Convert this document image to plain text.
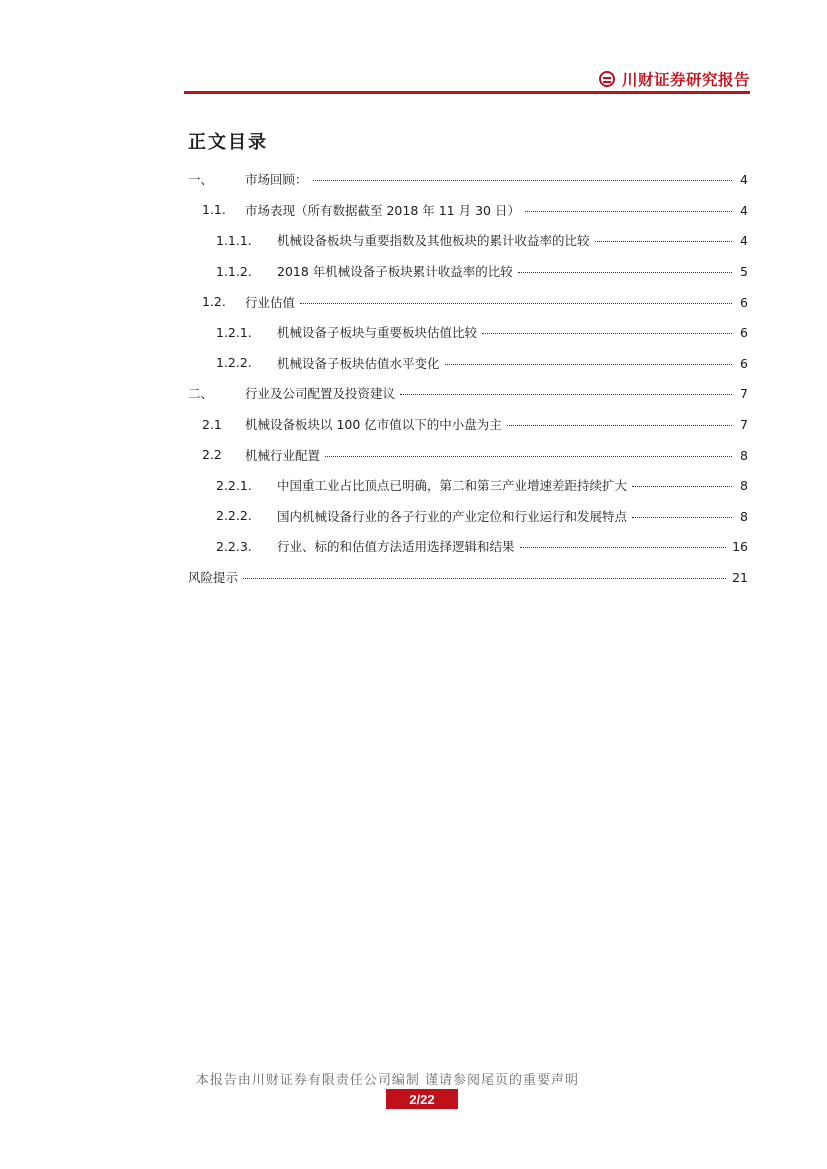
川财证券研究报告
正文目录
一、	市场回顾：	4
1.1. 市场表现（所有数据截至 2018 年 11 月 30 日）	4
1.1.1. 机械设备板块与重要指数及其他板块的累计收益率的比较	4
1.1.2. 2018 年机械设备子板块累计收益率的比较	5
1.2. 行业估值	6
1.2.1. 机械设备子板块与重要板块估值比较	6
1.2.2. 机械设备子板块估值水平变化	6
二、	行业及公司配置及投资建议	7
2.1 机械设备板块以 100 亿市值以下的中小盘为主	7
2.2 机械行业配置	8
2.2.1. 中国重工业占比顶点已明确，第二和第三产业增速差距持续扩大	8
2.2.2. 国内机械设备行业的各子行业的产业定位和行业运行和发展特点	8
2.2.3. 行业、标的和估值方法适用选择逻辑和结果	16
风险提示	21
本报告由川财证券有限责任公司编制 谨请参阅尾页的重要声明
2/22
